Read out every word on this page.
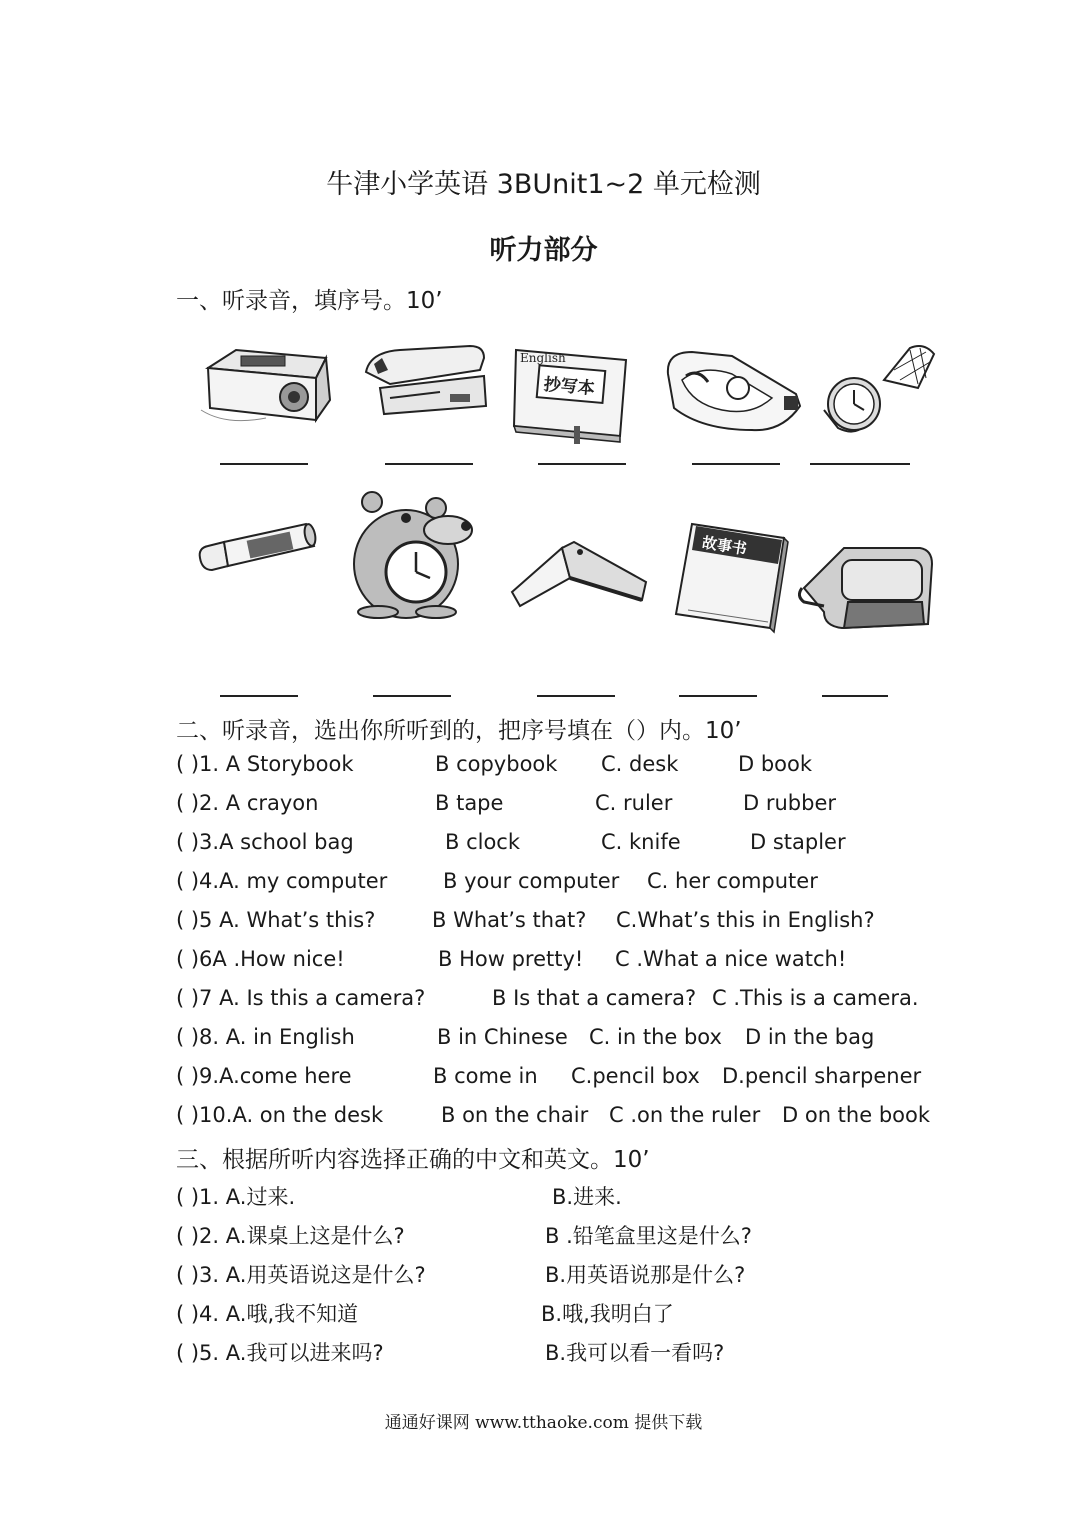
牛津小学英语 3BUnit1~2 单元检测
听力部分
一、听录音，填序号。10’
English
抄写本
故事书
二、听录音，选出你所听到的，把序号填在（）内。10’
( )1. A Storybook	B copybook C. desk	D book
( )2. A crayon	B tape	C. ruler	D rubber
( )3.A school bag	B clock	C. knife	D stapler
( )4.A. my computer	B your computer C. her computer
( )5 A. What’s this?	B What’s that? C.What’s this in English?
( )6A .How nice!	B How pretty! C .What a nice watch!
( )7 A. Is this a camera?	B Is that a camera? C .This is a camera.
( )8. A. in English	B in Chinese C. in the box D in the bag
( )9.A.come here	B come in C.pencil box D.pencil sharpener
( )10.A. on the desk	B on the chair C .on the ruler D on the book
三、根据所听内容选择正确的中文和英文。10’
( )1. A.过来.	B.进来.
( )2. A.课桌上这是什么?	B .铅笔盒里这是什么?
( )3. A.用英语说这是什么?	B.用英语说那是什么?
( )4. A.哦,我不知道	B.哦,我明白了
( )5. A.我可以进来吗?	B.我可以看一看吗?
通通好课网 www.tthaoke.com 提供下载
